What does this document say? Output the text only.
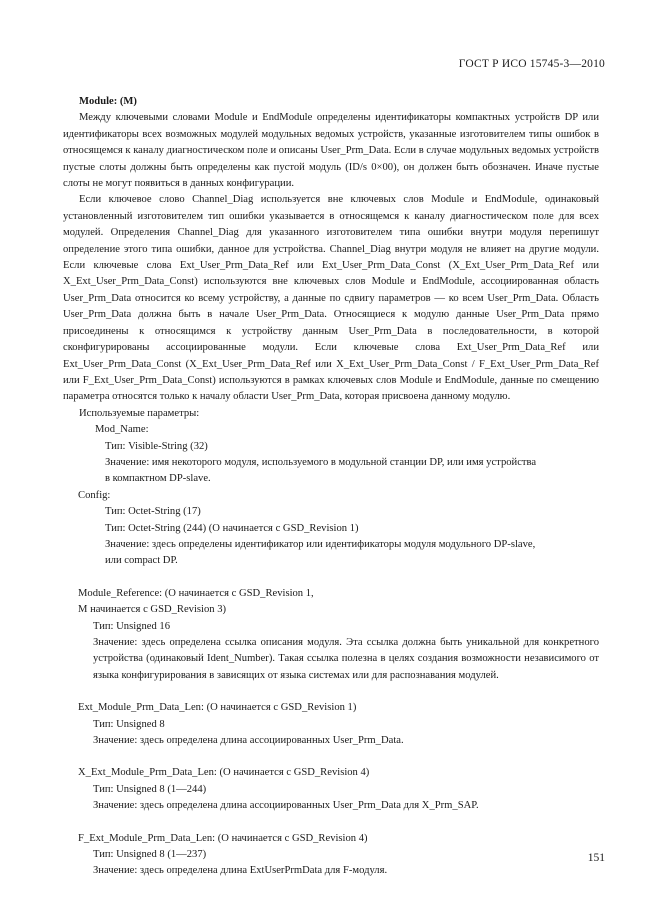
ГОСТ Р ИСО 15745-3—2010

Module: (M)

Между ключевыми словами Module и EndModule определены идентификаторы компактных устройств DP или идентификаторы всех возможных модулей модульных ведомых устройств, указанные изготовителем типы ошибок в относящемся к каналу диагностическом поле и описаны User_Prm_Data. Если в случае модульных ведомых устройств пустые слоты должны быть определены как пустой модуль (ID/s 0×00), он должен быть обозначен. Иначе пустые слоты не могут появиться в данных конфигурации.

Если ключевое слово Channel_Diag используется вне ключевых слов Module и EndModule, одинаковый установленный изготовителем тип ошибки указывается в относящемся к каналу диагностическом поле для всех модулей. Определения Channel_Diag для указанного изготовителем типа ошибки внутри модуля перепишут определение этого типа ошибки, данное для устройства. Channel_Diag внутри модуля не влияет на другие модули. Если ключевые слова Ext_User_Prm_Data_Ref или Ext_User_Prm_Data_Const (X_Ext_User_Prm_Data_Ref или X_Ext_User_Prm_Data_Const) используются вне ключевых слов Module и EndModule, ассоциированная область User_Prm_Data относится ко всему устройству, а данные по сдвигу параметров — ко всем User_Prm_Data. Область User_Prm_Data должна быть в начале User_Prm_Data. Относящиеся к модулю данные User_Prm_Data прямо присоединены к относящимся к устройству данным User_Prm_Data в последовательности, в которой сконфигурированы ассоциированные модули. Если ключевые слова Ext_User_Prm_Data_Ref или Ext_User_Prm_Data_Const (X_Ext_User_Prm_Data_Ref или X_Ext_User_Prm_Data_Const / F_Ext_User_Prm_Data_Ref или F_Ext_User_Prm_Data_Const) используются в рамках ключевых слов Module и EndModule, данные по смещению параметра относятся только к началу области User_Prm_Data, которая присвоена данному модулю.

Используемые параметры:

Mod_Name:

Тип: Visible-String (32)

Значение: имя некоторого модуля, используемого в модульной станции DP, или имя устройства

в компактном DP-slave.

Config:

Тип: Octet-String (17)

Тип: Octet-String (244) (О начинается с GSD_Revision 1)

Значение: здесь определены идентификатор или идентификаторы модуля модульного DP-slave,

или compact DP.

Module_Reference: (О начинается с GSD_Revision 1,

М начинается с GSD_Revision 3)

Тип: Unsigned 16

Значение: здесь определена ссылка описания модуля. Эта ссылка должна быть уникальной для конкретного устройства (одинаковый Ident_Number). Такая ссылка полезна в целях создания возможности независимого от языка конфигурирования в зависящих от языка системах или для распознавания модулей.

Ext_Module_Prm_Data_Len: (О начинается с GSD_Revision 1)

Тип: Unsigned 8

Значение: здесь определена длина ассоциированных User_Prm_Data.

X_Ext_Module_Prm_Data_Len: (О начинается с GSD_Revision 4)

Тип: Unsigned 8 (1—244)

Значение: здесь определена длина ассоциированных User_Prm_Data для X_Prm_SAP.

F_Ext_Module_Prm_Data_Len: (О начинается с GSD_Revision 4)

Тип: Unsigned 8 (1—237)

Значение: здесь определена длина ExtUserPrmData для F-модуля.

151
